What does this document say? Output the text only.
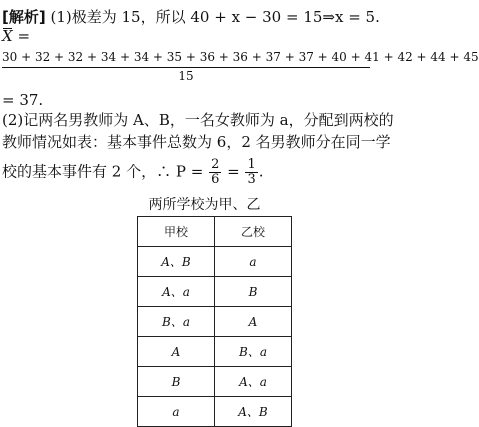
[解析] (1)极差为 15，所以 40 + x − 30 = 15⇒x = 5.
X =
30 + 32 + 32 + 34 + 34 + 35 + 36 + 36 + 37 + 37 + 40 + 41 + 42 + 44 + 45
15
= 37.
(2)记两名男教师为 A、B，一名女教师为 a，分配到两校的
教师情况如表：基本事件总数为 6，2 名男教师分在同一学
校的基本事件有 2 个，∴ $P = \frac{2}{6} = \frac{1}{3}$ .
两所学校为甲、乙
甲校	乙校
A、B	a
A、a	B
B、a	A
A	B、a
B	A、a
a	A、B
